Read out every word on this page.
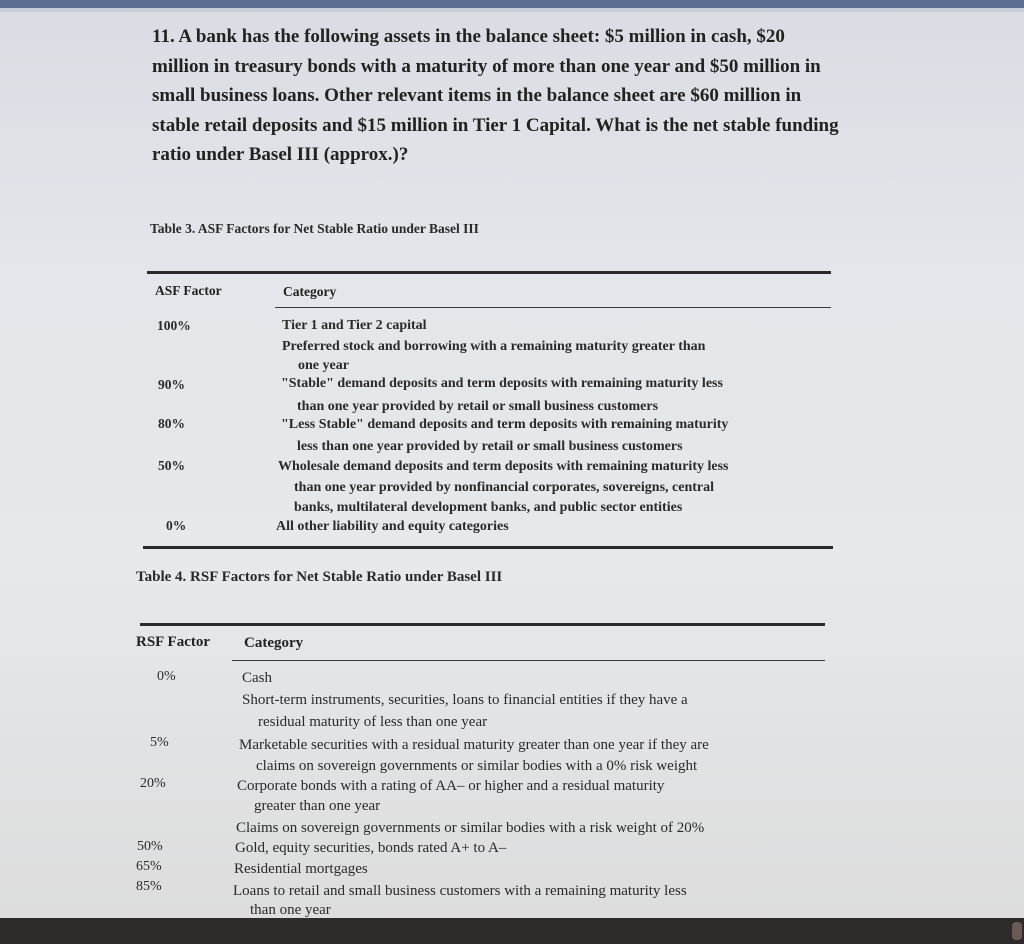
11. A bank has the following assets in the balance sheet: $5 million in cash, $20 million in treasury bonds with a maturity of more than one year and $50 million in small business loans. Other relevant items in the balance sheet are $60 million in stable retail deposits and $15 million in Tier 1 Capital. What is the net stable funding ratio under Basel III (approx.)?
Table 3. ASF Factors for Net Stable Ratio under Basel III
ASF Factor	Category
100%	Tier 1 and Tier 2 capital
Preferred stock and borrowing with a remaining maturity greater than
one year
90%	"Stable" demand deposits and term deposits with remaining maturity less
than one year provided by retail or small business customers
80%	"Less Stable" demand deposits and term deposits with remaining maturity
less than one year provided by retail or small business customers
50%	Wholesale demand deposits and term deposits with remaining maturity less
than one year provided by nonfinancial corporates, sovereigns, central
banks, multilateral development banks, and public sector entities
0%	All other liability and equity categories
Table 4. RSF Factors for Net Stable Ratio under Basel III
RSF Factor Category
0%	Cash
Short-term instruments, securities, loans to financial entities if they have a
residual maturity of less than one year
5%	Marketable securities with a residual maturity greater than one year if they are
claims on sovereign governments or similar bodies with a 0% risk weight
20%	Corporate bonds with a rating of AA– or higher and a residual maturity
greater than one year
Claims on sovereign governments or similar bodies with a risk weight of 20%
50%	Gold, equity securities, bonds rated A+ to A–
65%	Residential mortgages
85%	Loans to retail and small business customers with a remaining maturity less
than one year
